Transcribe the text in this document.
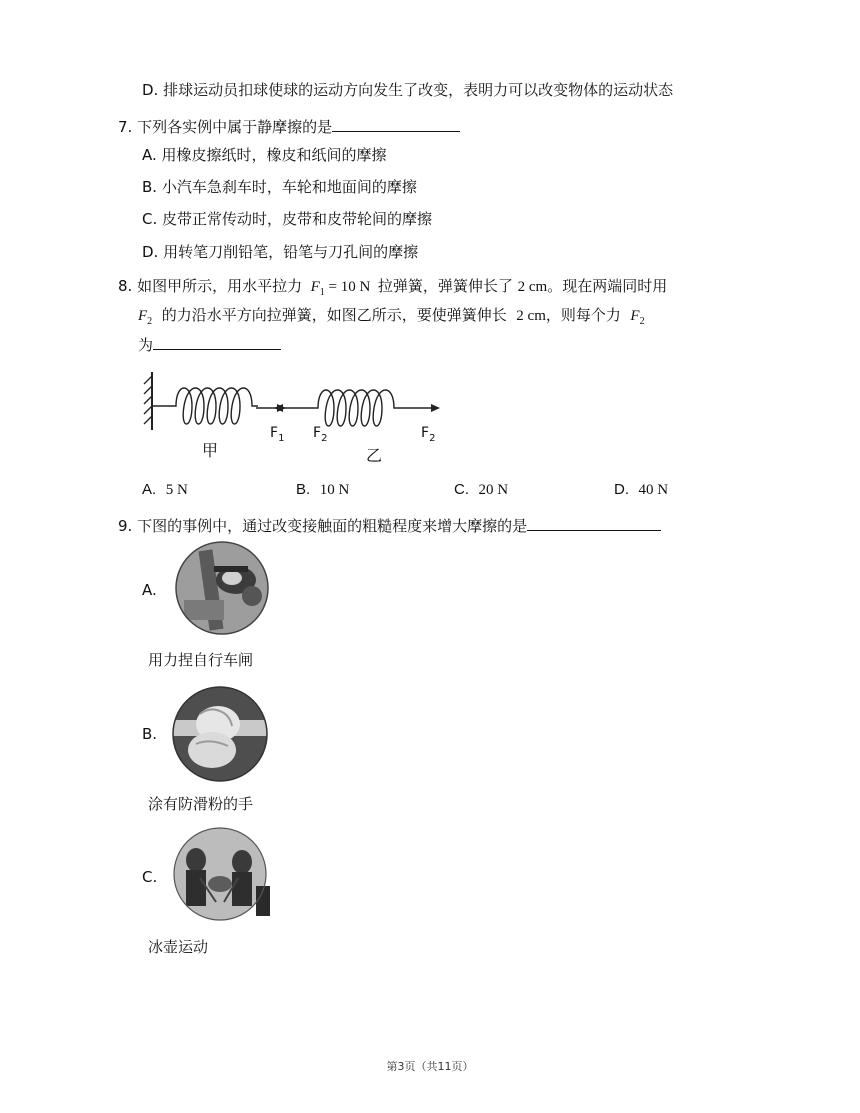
D. 排球运动员扣球使球的运动方向发生了改变，表明力可以改变物体的运动状态
7. 下列各实例中属于静摩擦的是
A. 用橡皮擦纸时，橡皮和纸间的摩擦
B. 小汽车急刹车时，车轮和地面间的摩擦
C. 皮带正常传动时，皮带和皮带轮间的摩擦
D. 用转笔刀削铅笔，铅笔与刀孔间的摩擦
8. 如图甲所示，用水平拉力 $F_1 = 10$ N 拉弹簧，弹簧伸长了 2 cm。现在两端同时用
$F_2$ 的力沿水平方向拉弹簧，如图乙所示，要使弹簧伸长 2 cm，则每个力 $F_2$
为
甲	乙
$F_1$ $F_2$	$F_2$
A. 5 N	B. 10 N	C. 20 N	D. 40 N
9. 下图的事例中，通过改变接触面的粗糙程度来增大摩擦的是
A.
用力捏自行车闸
B.
涂有防滑粉的手
C.
冰壶运动
第3页（共11页）
